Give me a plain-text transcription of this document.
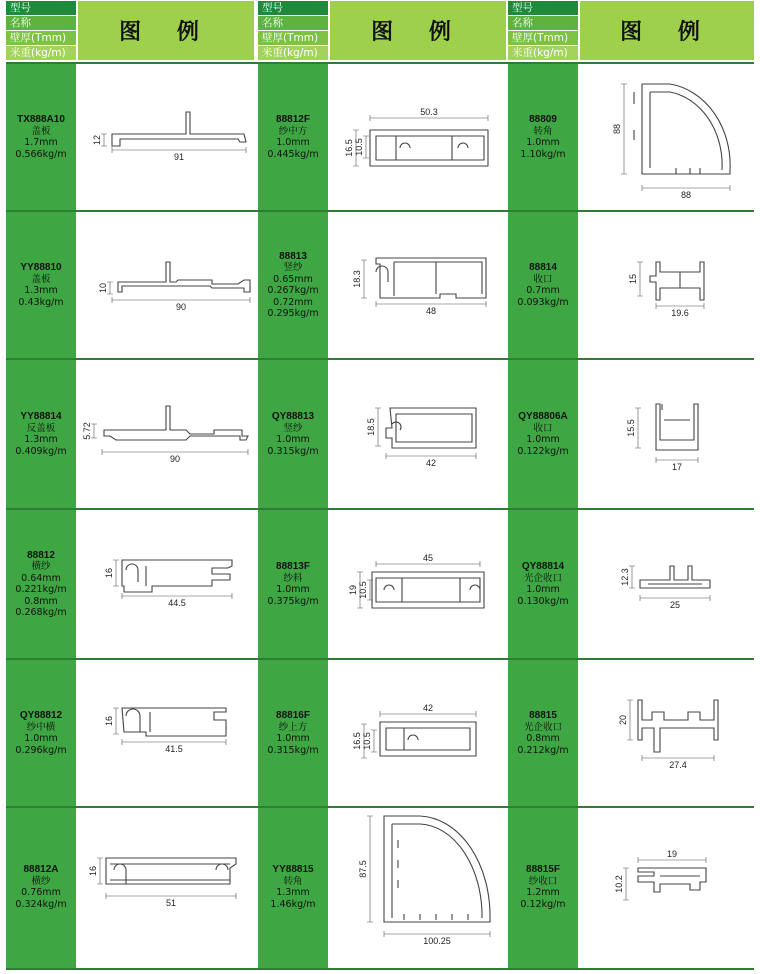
型号
名称
壁厚(Tmm)
米重(kg/m)
图 例
型号
名称
壁厚(Tmm)
米重(kg/m)
图 例
型号
名称
壁厚(Tmm)
米重(kg/m)
图 例
TX888A10
盖板
1.7mm
0.566kg/m
YY88810
盖板
1.3mm
0.43kg/m
YY88814
反盖板
1.3mm
0.409kg/m
88812
横纱
0.64mm
0.221kg/m
0.8mm
0.268kg/m
QY88812
纱中横
1.0mm
0.296kg/m
88812A
横纱
0.76mm
0.324kg/m
88812F
纱中方
1.0mm
0.445kg/m
88813
竖纱
0.65mm
0.267kg/m
0.72mm
0.295kg/m
QY88813
竖纱
1.0mm
0.315kg/m
88813F
纱料
1.0mm
0.375kg/m
88816F
纱上方
1.0mm
0.315kg/m
YY88815
转角
1.3mm
1.46kg/m
88809
转角
1.0mm
1.10kg/m
88814
收口
0.7mm
0.093kg/m
QY88806A
收口
1.0mm
0.122kg/m
QY88814
光企收口
1.0mm
0.130kg/m
88815
光企收口
0.8mm
0.212kg/m
88815F
纱收口
1.2mm
0.12kg/m
12
91
10
90
5.72
90
16
44.5
16
41.5
16
51
50.3
16.5 10.5
18.3
48
18.5
42
45
19 10.5
42
16.5 10.5
87.5
100.25
88
88
15
19.6
15.5
17
12.3
25
20
27.4
19
10.2
